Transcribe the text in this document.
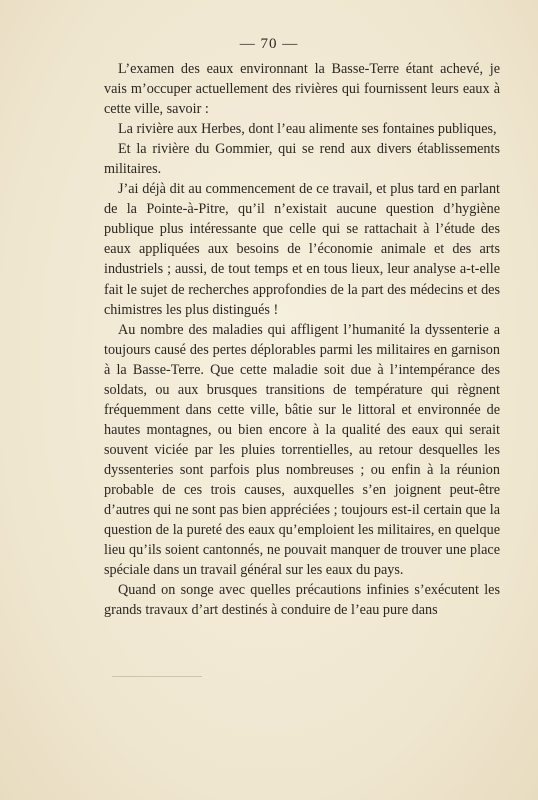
— 70 —

L’examen des eaux environnant la Basse-Terre étant achevé, je vais m’occuper actuellement des rivières qui fournissent leurs eaux à cette ville, savoir :

La rivière aux Herbes, dont l’eau alimente ses fontaines publiques,

Et la rivière du Gommier, qui se rend aux divers établissements militaires.

J’ai déjà dit au commencement de ce travail, et plus tard en parlant de la Pointe-à-Pitre, qu’il n’existait aucune question d’hygiène publique plus intéressante que celle qui se rattachait à l’étude des eaux appliquées aux besoins de l’économie animale et des arts industriels ; aussi, de tout temps et en tous lieux, leur analyse a-t-elle fait le sujet de recherches approfondies de la part des médecins et des chimistres les plus distingués !

Au nombre des maladies qui affligent l’humanité la dyssenterie a toujours causé des pertes déplorables parmi les militaires en garnison à la Basse-Terre. Que cette maladie soit due à l’intempérance des soldats, ou aux brusques transitions de température qui règnent fréquemment dans cette ville, bâtie sur le littoral et environnée de hautes montagnes, ou bien encore à la qualité des eaux qui serait souvent viciée par les pluies torrentielles, au retour desquelles les dyssenteries sont parfois plus nombreuses ; ou enfin à la réunion probable de ces trois causes, auxquelles s’en joignent peut-être d’autres qui ne sont pas bien appréciées ; toujours est-il certain que la question de la pureté des eaux qu’emploient les militaires, en quelque lieu qu’ils soient cantonnés, ne pouvait manquer de trouver une place spéciale dans un travail général sur les eaux du pays.

Quand on songe avec quelles précautions infinies s’exécutent les grands travaux d’art destinés à conduire de l’eau pure dans
